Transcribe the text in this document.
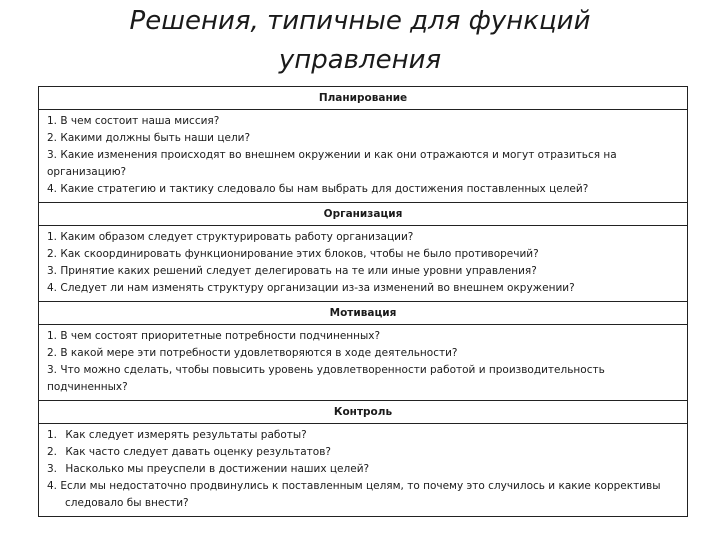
Решения, типичные для функций
управления
Планирование
1. В чем состоит наша миссия?
2. Какими должны быть наши цели?
3. Какие изменения происходят во внешнем окружении и как они отражаются и могут отразиться на организацию?
4. Какие стратегию и тактику следовало бы нам выбрать для достижения поставленных целей?
Организация
1. Каким образом следует структурировать работу организации?
2. Как скоординировать функционирование этих блоков, чтобы не было противоречий?
3. Принятие каких решений следует делегировать на те или иные уровни управления?
4. Следует ли нам изменять структуру организации из-за изменений во внешнем окружении?
Мотивация
1. В чем состоят приоритетные потребности подчиненных?
2. В какой мере эти потребности удовлетворяются в ходе деятельности?
3. Что можно сделать, чтобы повысить уровень удовлетворенности работой и производительность подчиненных?
Контроль
1. Как следует измерять результаты работы?
2. Как часто следует давать оценку результатов?
3. Насколько мы преуспели в достижении наших целей?
4. Если мы недостаточно продвинулись к поставленным целям, то почему это случилось и какие коррективы следовало бы внести?
